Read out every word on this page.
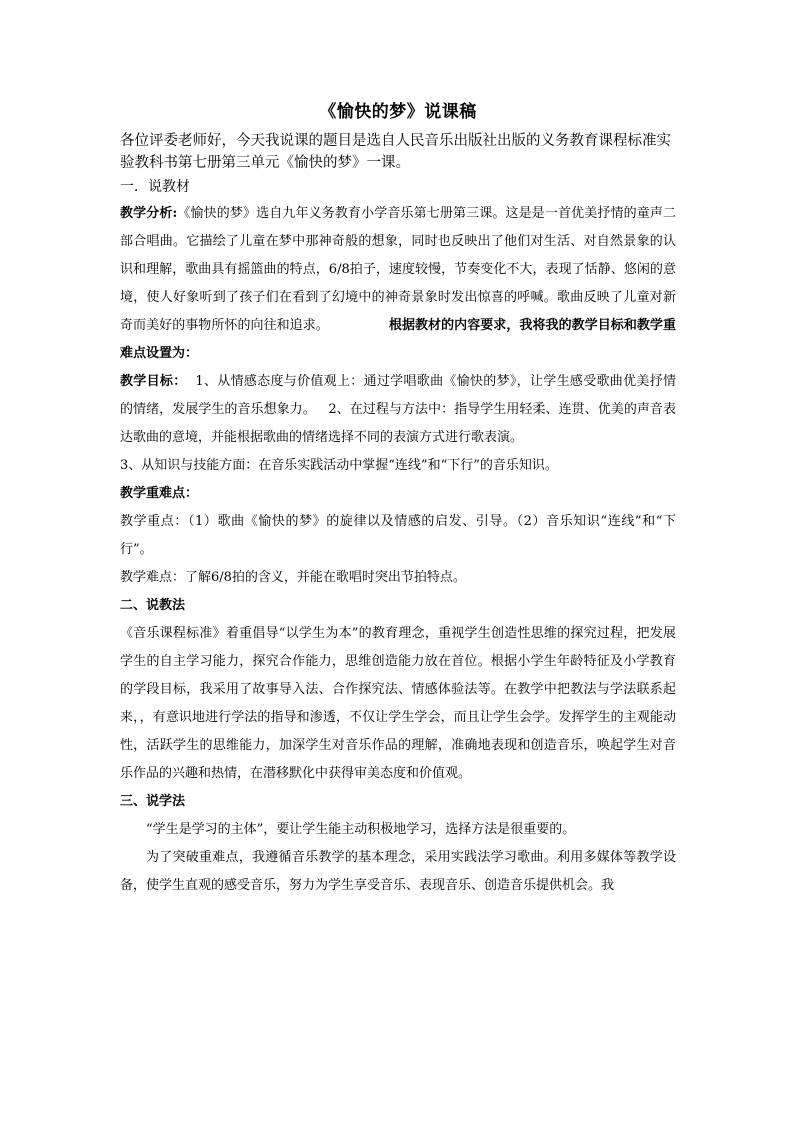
《愉快的梦》说课稿

各位评委老师好，今天我说课的题目是选自人民音乐出版社出版的义务教育课程标准实验教科书第七册第三单元《愉快的梦》一课。

一．说教材

教学分析:《愉快的梦》选自九年义务教育小学音乐第七册第三课。这是是一首优美抒情的童声二部合唱曲。它描绘了儿童在梦中那神奇般的想象，同时也反映出了他们对生活、对自然景象的认识和理解，歌曲具有摇篮曲的特点，6/8拍子，速度较慢，节奏变化不大，表现了恬静、悠闲的意境，使人好象听到了孩子们在看到了幻境中的神奇景象时发出惊喜的呼喊。歌曲反映了儿童对新奇而美好的事物所怀的向往和追求。	根据教材的内容要求，我将我的教学目标和教学重难点设置为：

教学目标： 1、从情感态度与价值观上：通过学唱歌曲《愉快的梦》，让学生感受歌曲优美抒情的情绪，发展学生的音乐想象力。 2、在过程与方法中：指导学生用轻柔、连贯、优美的声音表达歌曲的意境，并能根据歌曲的情绪选择不同的表演方式进行歌表演。

3、从知识与技能方面：在音乐实践活动中掌握“连线”和“下行”的音乐知识。

教学重难点：

教学重点：（1）歌曲《愉快的梦》的旋律以及情感的启发、引导。（2）音乐知识“连线”和“下行”。

教学难点：了解6/8拍的含义，并能在歌唱时突出节拍特点。

二、说教法

《音乐课程标准》着重倡导“以学生为本”的教育理念，重视学生创造性思维的探究过程，把发展学生的自主学习能力，探究合作能力，思维创造能力放在首位。根据小学生年龄特征及小学教育的学段目标，我采用了故事导入法、合作探究法、情感体验法等。在教学中把教法与学法联系起来，，有意识地进行学法的指导和渗透，不仅让学生学会，而且让学生会学。发挥学生的主观能动性，活跃学生的思维能力，加深学生对音乐作品的理解，准确地表现和创造音乐，唤起学生对音乐作品的兴趣和热情，在潜移默化中获得审美态度和价值观。

三、说学法

“学生是学习的主体”，要让学生能主动积极地学习，选择方法是很重要的。

为了突破重难点，我遵循音乐教学的基本理念，采用实践法学习歌曲。利用多媒体等教学设备，使学生直观的感受音乐，努力为学生享受音乐、表现音乐、创造音乐提供机会。我
